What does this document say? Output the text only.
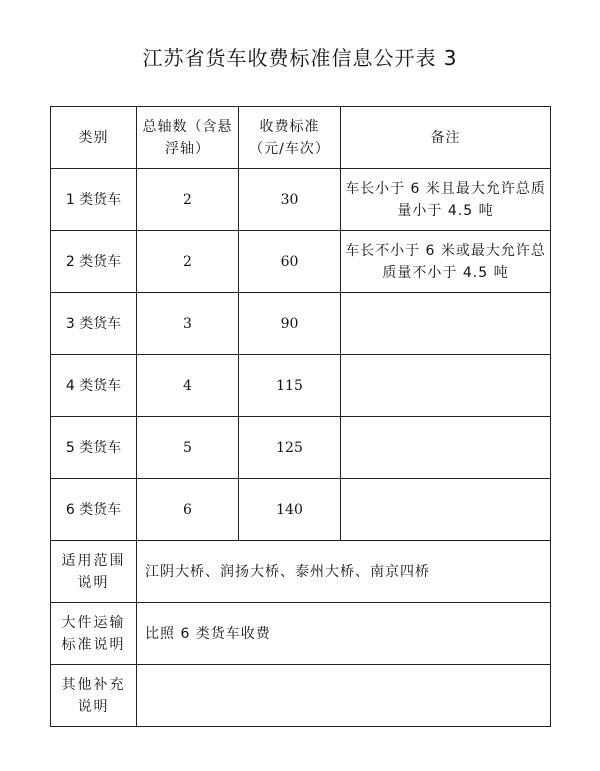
江苏省货车收费标准信息公开表 3
类别	总轴数（含悬浮轴）	收费标准（元/车次）	备注
1 类货车	2	30	车长小于 6 米且最大允许总质量小于 4.5 吨
2 类货车	2	60	车长不小于 6 米或最大允许总质量不小于 4.5 吨
3 类货车	3	90	
4 类货车	4	115	
5 类货车	5	125	
6 类货车	6	140	
适用范围说明	江阴大桥、润扬大桥、泰州大桥、南京四桥		
大件运输标准说明	比照 6 类货车收费		
其他补充说明			
